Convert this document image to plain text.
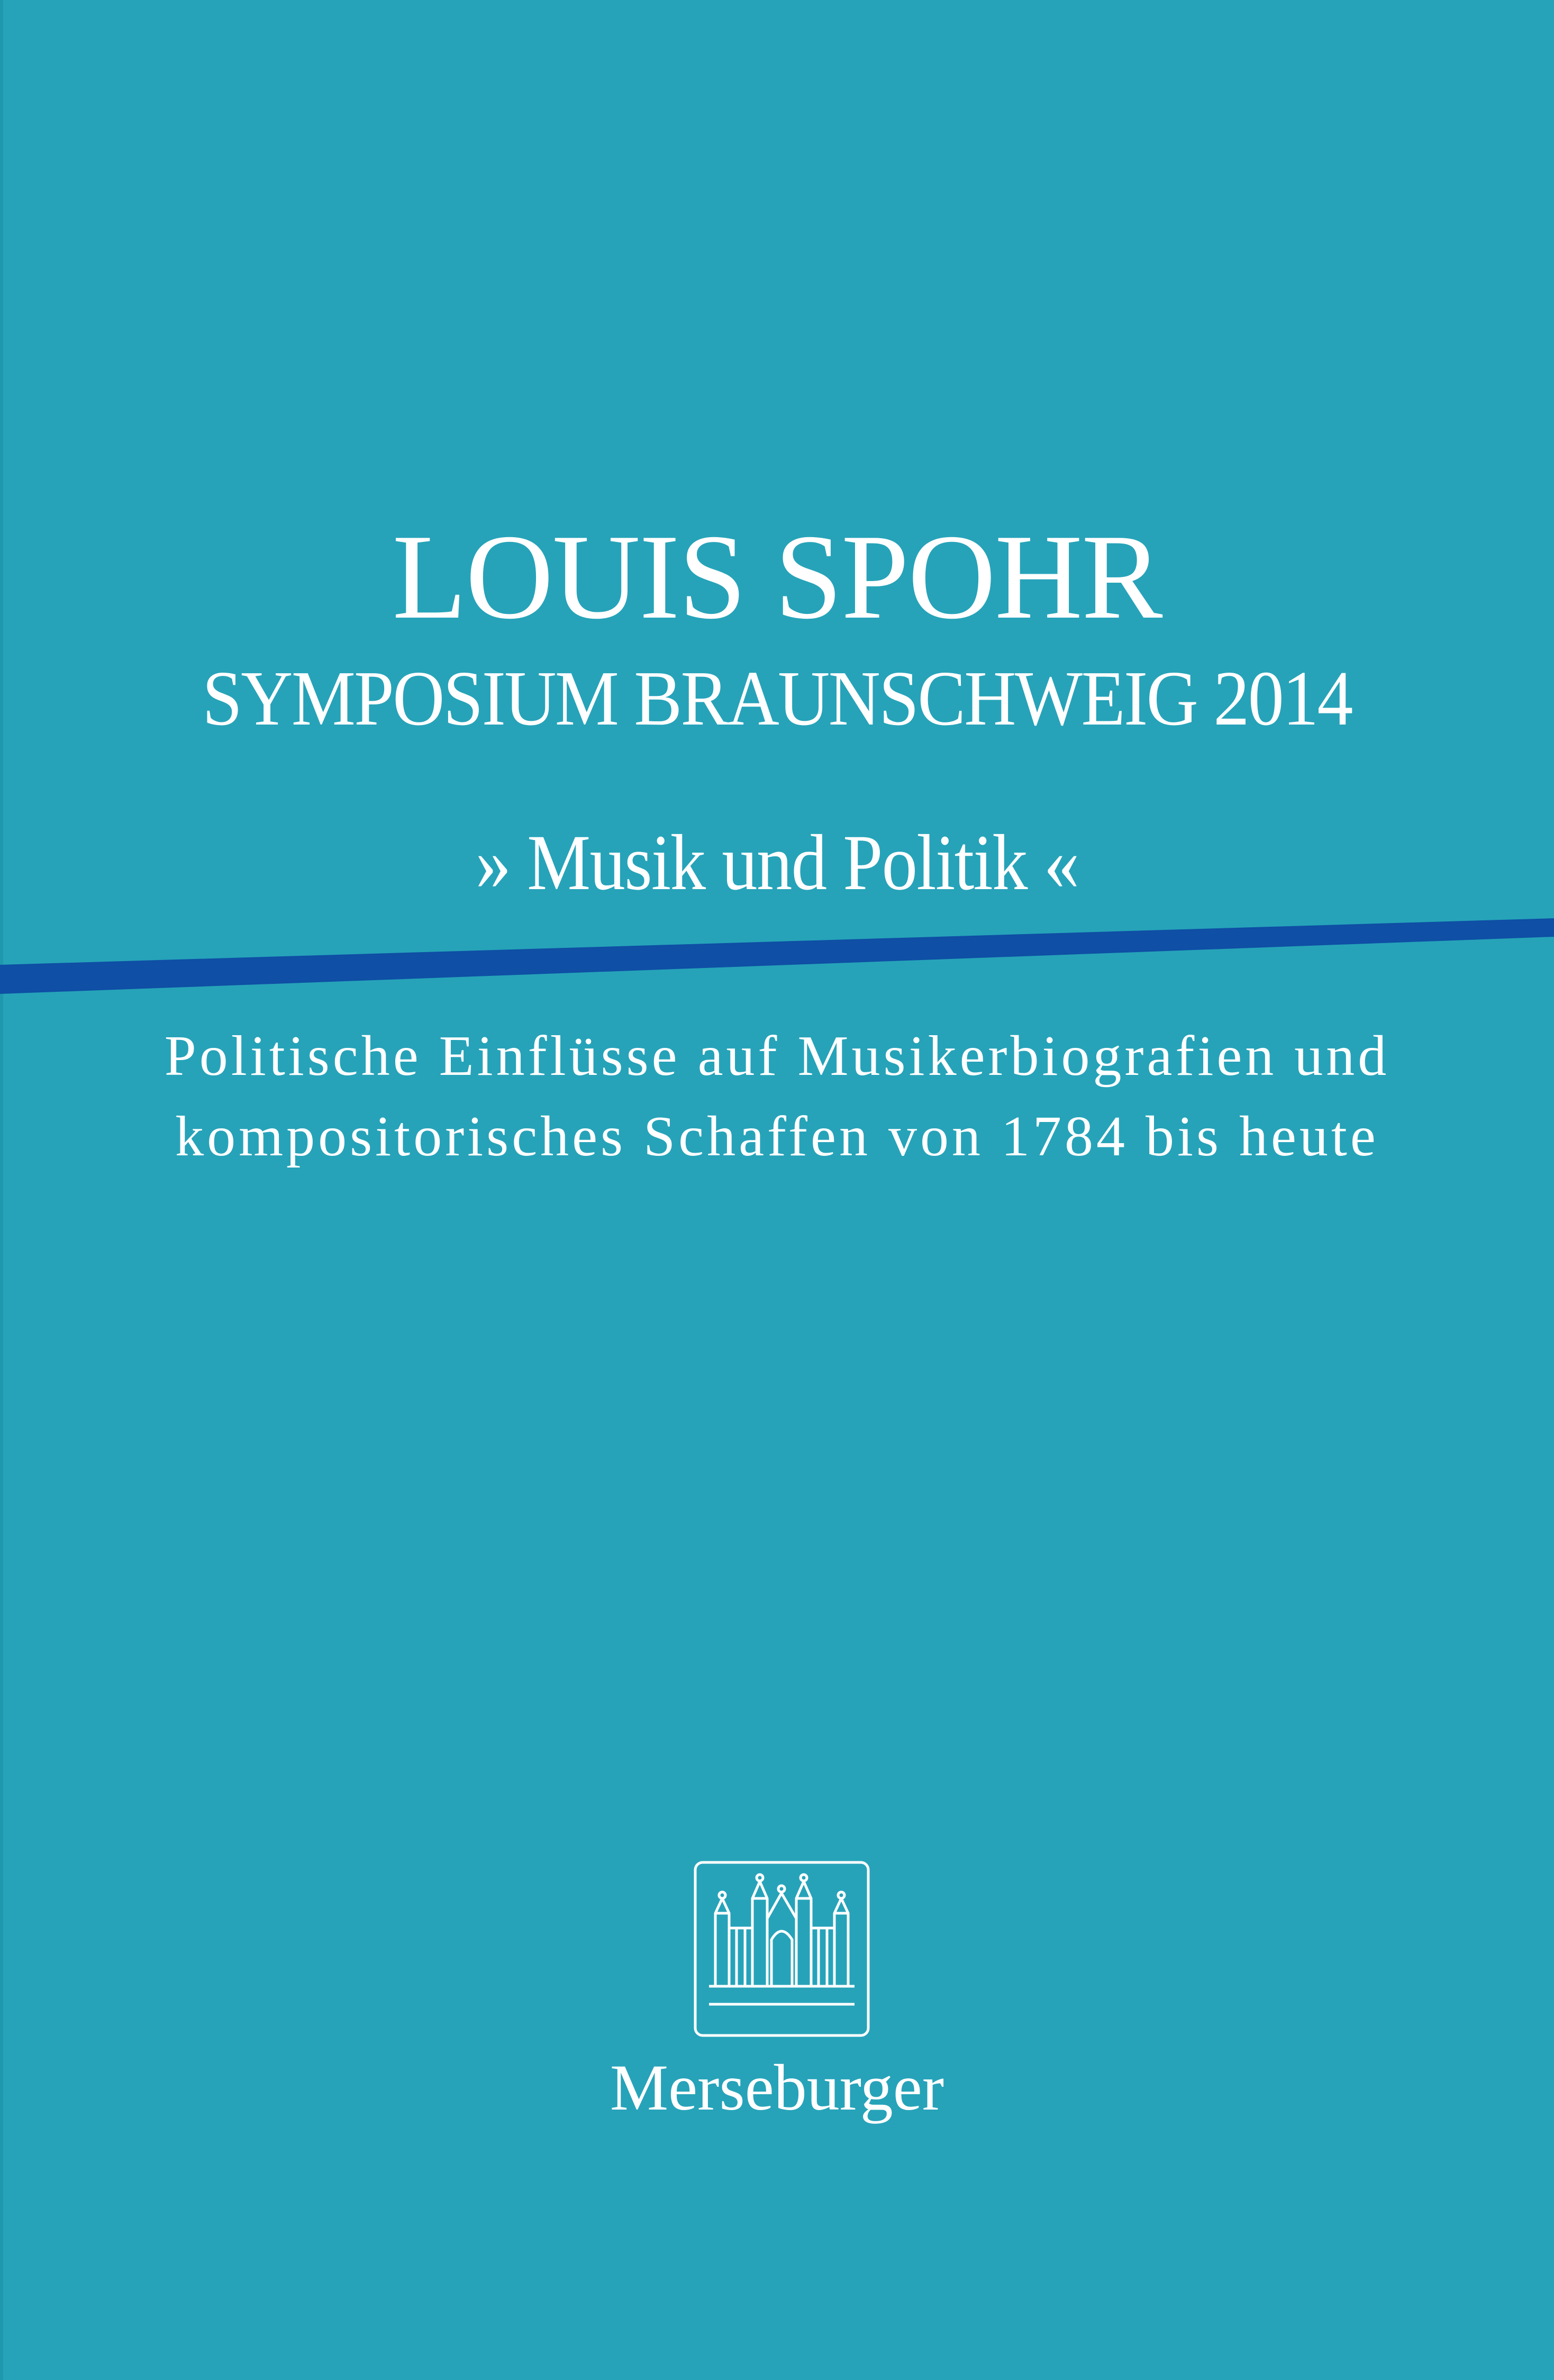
LOUIS SPOHR
SYMPOSIUM BRAUNSCHWEIG 2014
» Musik und Politik «
Politische Einflüsse auf Musikerbiografien und
kompositorisches Schaffen von 1784 bis heute
Merseburger
